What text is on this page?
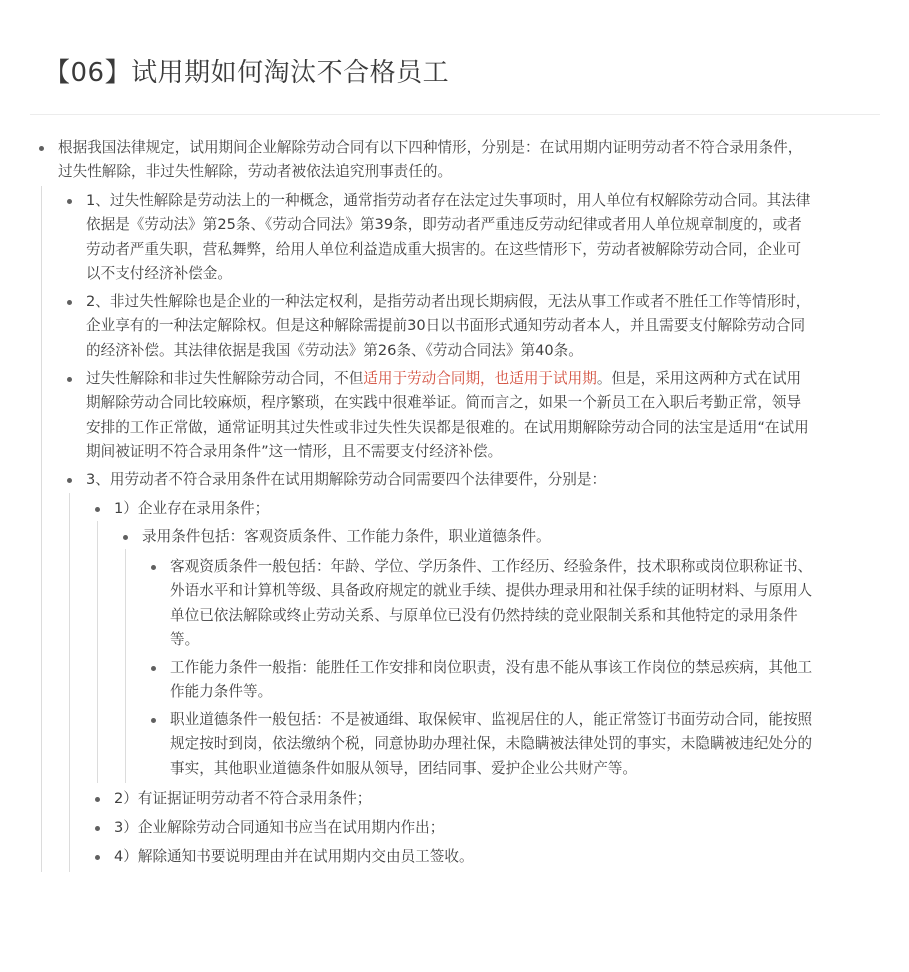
【06】试用期如何淘汰不合格员工
根据我国法律规定，试用期间企业解除劳动合同有以下四种情形，分别是：在试用期内证明劳动者不符合录用条件，
过失性解除，非过失性解除，劳动者被依法追究刑事责任的。
1、过失性解除是劳动法上的一种概念，通常指劳动者存在法定过失事项时，用人单位有权解除劳动合同。其法律
依据是《劳动法》第25条、《劳动合同法》第39条，即劳动者严重违反劳动纪律或者用人单位规章制度的，或者
劳动者严重失职，营私舞弊，给用人单位利益造成重大损害的。在这些情形下，劳动者被解除劳动合同，企业可
以不支付经济补偿金。
2、非过失性解除也是企业的一种法定权利，是指劳动者出现长期病假，无法从事工作或者不胜任工作等情形时，
企业享有的一种法定解除权。但是这种解除需提前30日以书面形式通知劳动者本人，并且需要支付解除劳动合同
的经济补偿。其法律依据是我国《劳动法》第26条、《劳动合同法》第40条。
过失性解除和非过失性解除劳动合同，不但适用于劳动合同期，也适用于试用期。但是，采用这两种方式在试用
期解除劳动合同比较麻烦，程序繁琐，在实践中很难举证。简而言之，如果一个新员工在入职后考勤正常，领导
安排的工作正常做，通常证明其过失性或非过失性失误都是很难的。在试用期解除劳动合同的法宝是适用“在试用
期间被证明不符合录用条件”这一情形，且不需要支付经济补偿。
3、用劳动者不符合录用条件在试用期解除劳动合同需要四个法律要件，分别是：
1）企业存在录用条件；
录用条件包括：客观资质条件、工作能力条件，职业道德条件。
客观资质条件一般包括：年龄、学位、学历条件、工作经历、经验条件，技术职称或岗位职称证书、
外语水平和计算机等级、具备政府规定的就业手续、提供办理录用和社保手续的证明材料、与原用人
单位已依法解除或终止劳动关系、与原单位已没有仍然持续的竞业限制关系和其他特定的录用条件
等。
工作能力条件一般指：能胜任工作安排和岗位职责，没有患不能从事该工作岗位的禁忌疾病，其他工
作能力条件等。
职业道德条件一般包括：不是被通缉、取保候审、监视居住的人，能正常签订书面劳动合同，能按照
规定按时到岗，依法缴纳个税，同意协助办理社保，未隐瞒被法律处罚的事实，未隐瞒被违纪处分的
事实，其他职业道德条件如服从领导，团结同事、爱护企业公共财产等。
2）有证据证明劳动者不符合录用条件；
3）企业解除劳动合同通知书应当在试用期内作出；
4）解除通知书要说明理由并在试用期内交由员工签收。
